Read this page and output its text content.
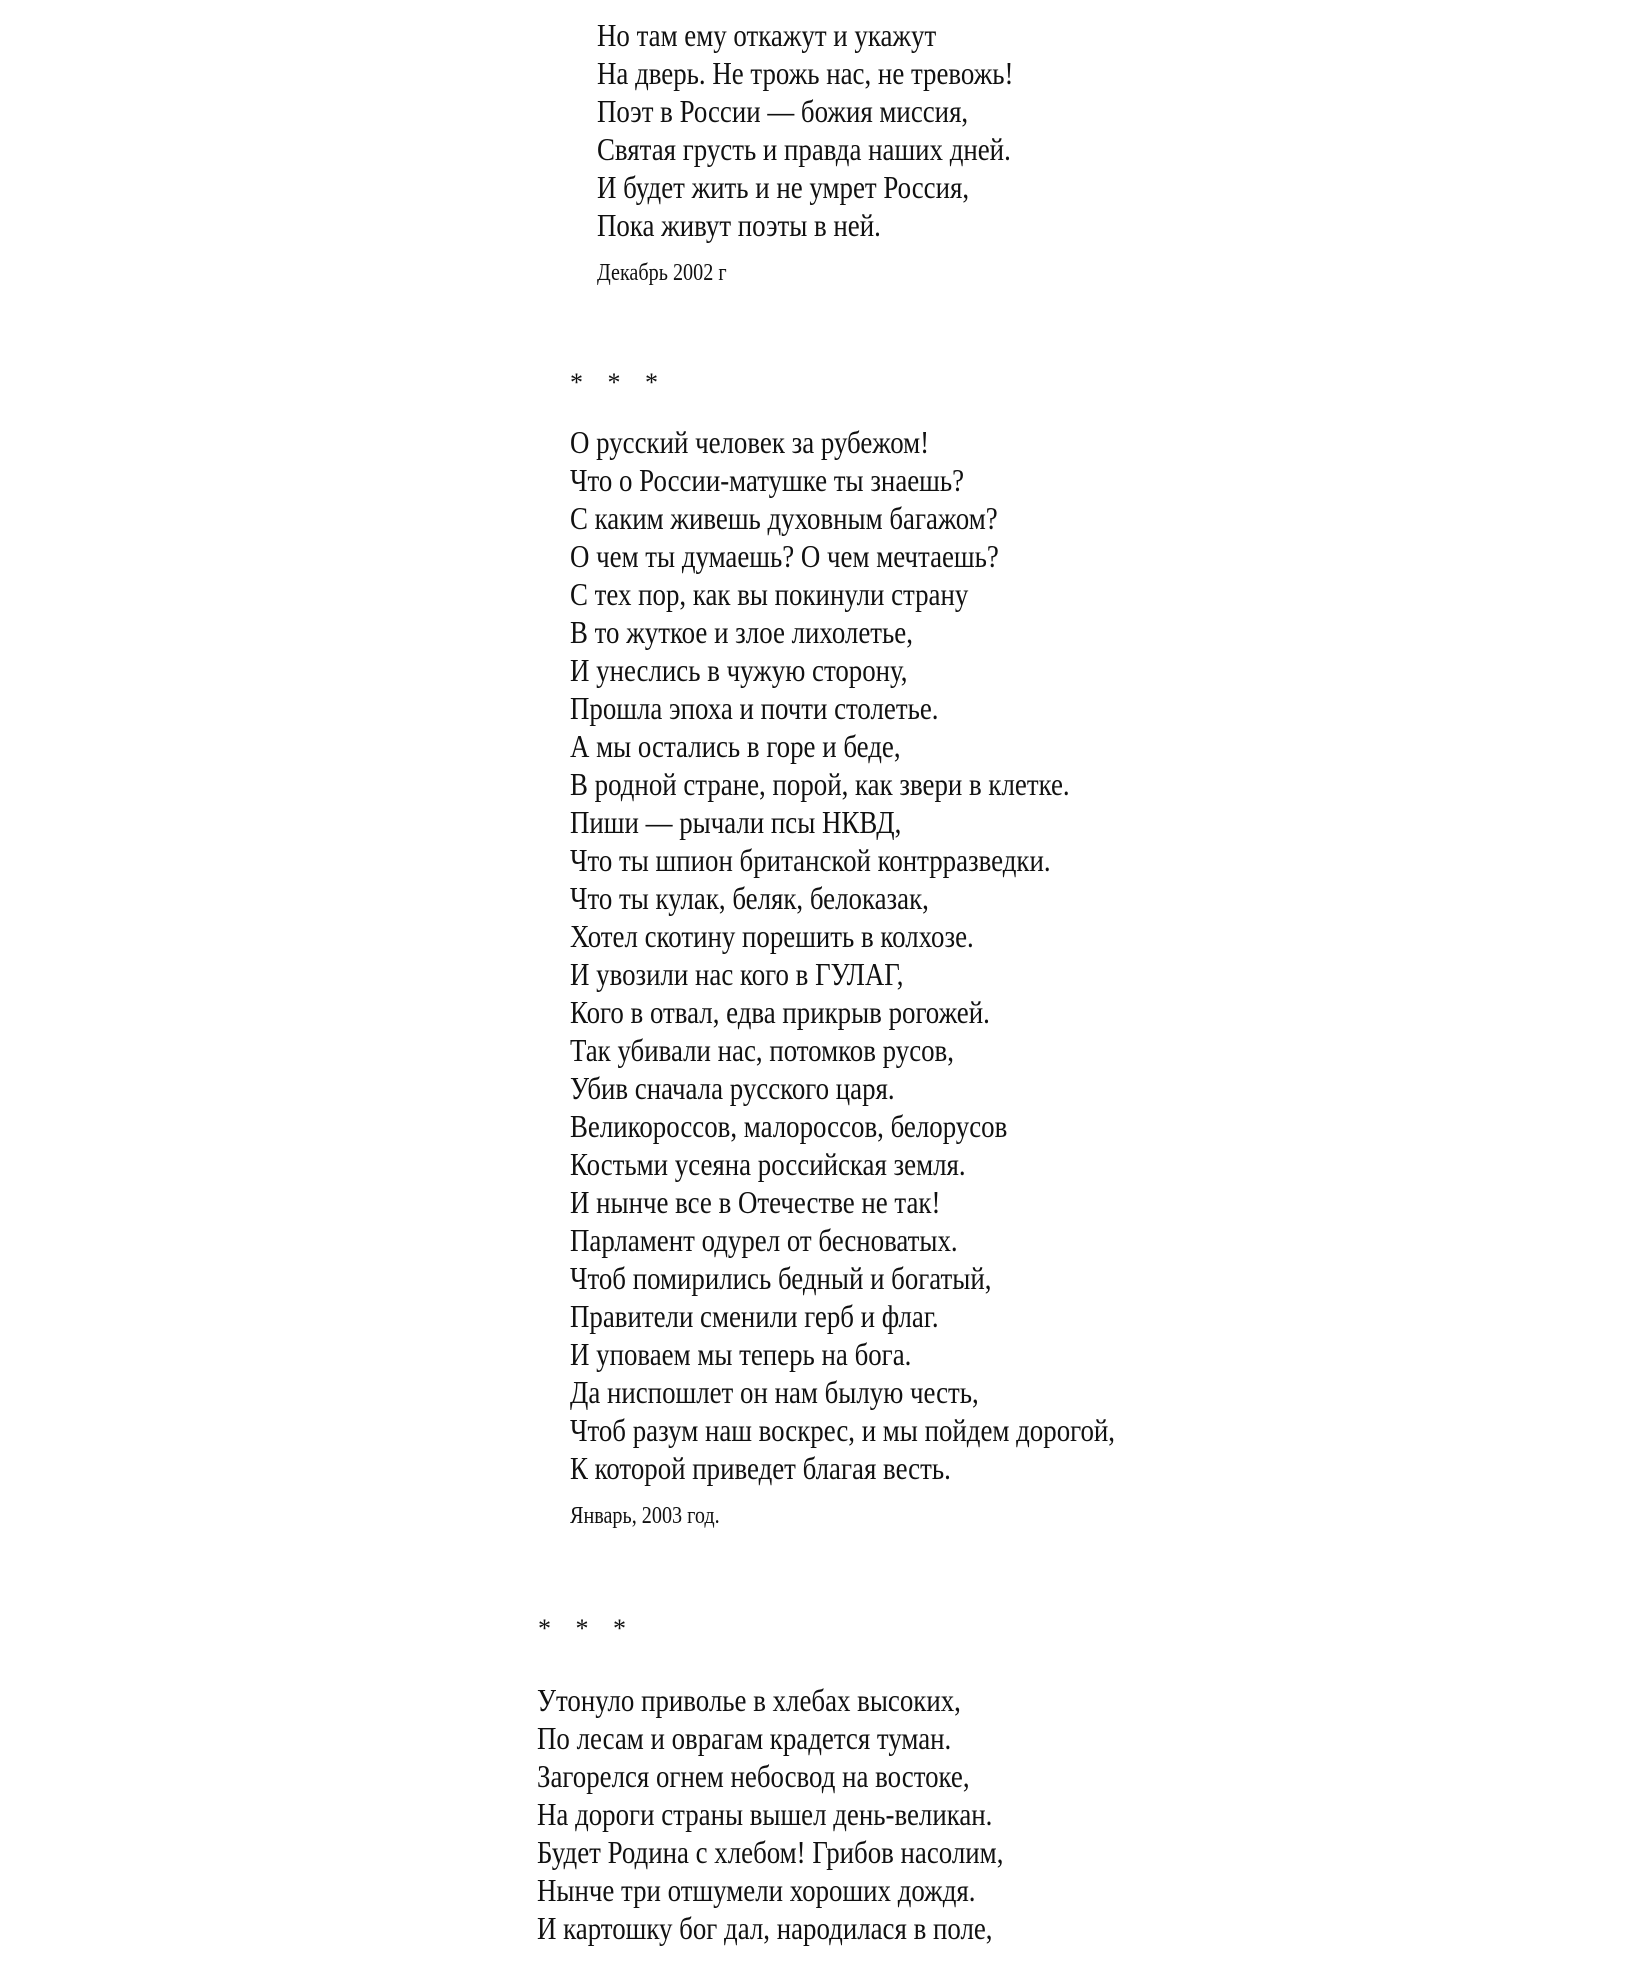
Но там ему откажут и укажут
На дверь. Не трожь нас, не тревожь!
Поэт в России — божия миссия,
Святая грусть и правда наших дней.
И будет жить и не умрет Россия,
Пока живут поэты в ней.
Декабрь 2002 г
* * *
О русский человек за рубежом!
Что о России-матушке ты знаешь?
С каким живешь духовным багажом?
О чем ты думаешь? О чем мечтаешь?
С тех пор, как вы покинули страну
В то жуткое и злое лихолетье,
И унеслись в чужую сторону,
Прошла эпоха и почти столетье.
А мы остались в горе и беде,
В родной стране, порой, как звери в клетке.
Пиши — рычали псы НКВД,
Что ты шпион британской контрразведки.
Что ты кулак, беляк, белоказак,
Хотел скотину порешить в колхозе.
И увозили нас кого в ГУЛАГ,
Кого в отвал, едва прикрыв рогожей.
Так убивали нас, потомков русов,
Убив сначала русского царя.
Великороссов, малороссов, белорусов
Костьми усеяна российская земля.
И нынче все в Отечестве не так!
Парламент одурел от бесноватых.
Чтоб помирились бедный и богатый,
Правители сменили герб и флаг.
И уповаем мы теперь на бога.
Да ниспошлет он нам былую честь,
Чтоб разум наш воскрес, и мы пойдем дорогой,
К которой приведет благая весть.
Январь, 2003 год.
* * *
Утонуло приволье в хлебах высоких,
По лесам и оврагам крадется туман.
Загорелся огнем небосвод на востоке,
На дороги страны вышел день-великан.
Будет Родина с хлебом! Грибов насолим,
Нынче три отшумели хороших дождя.
И картошку бог дал, народилася в поле,
